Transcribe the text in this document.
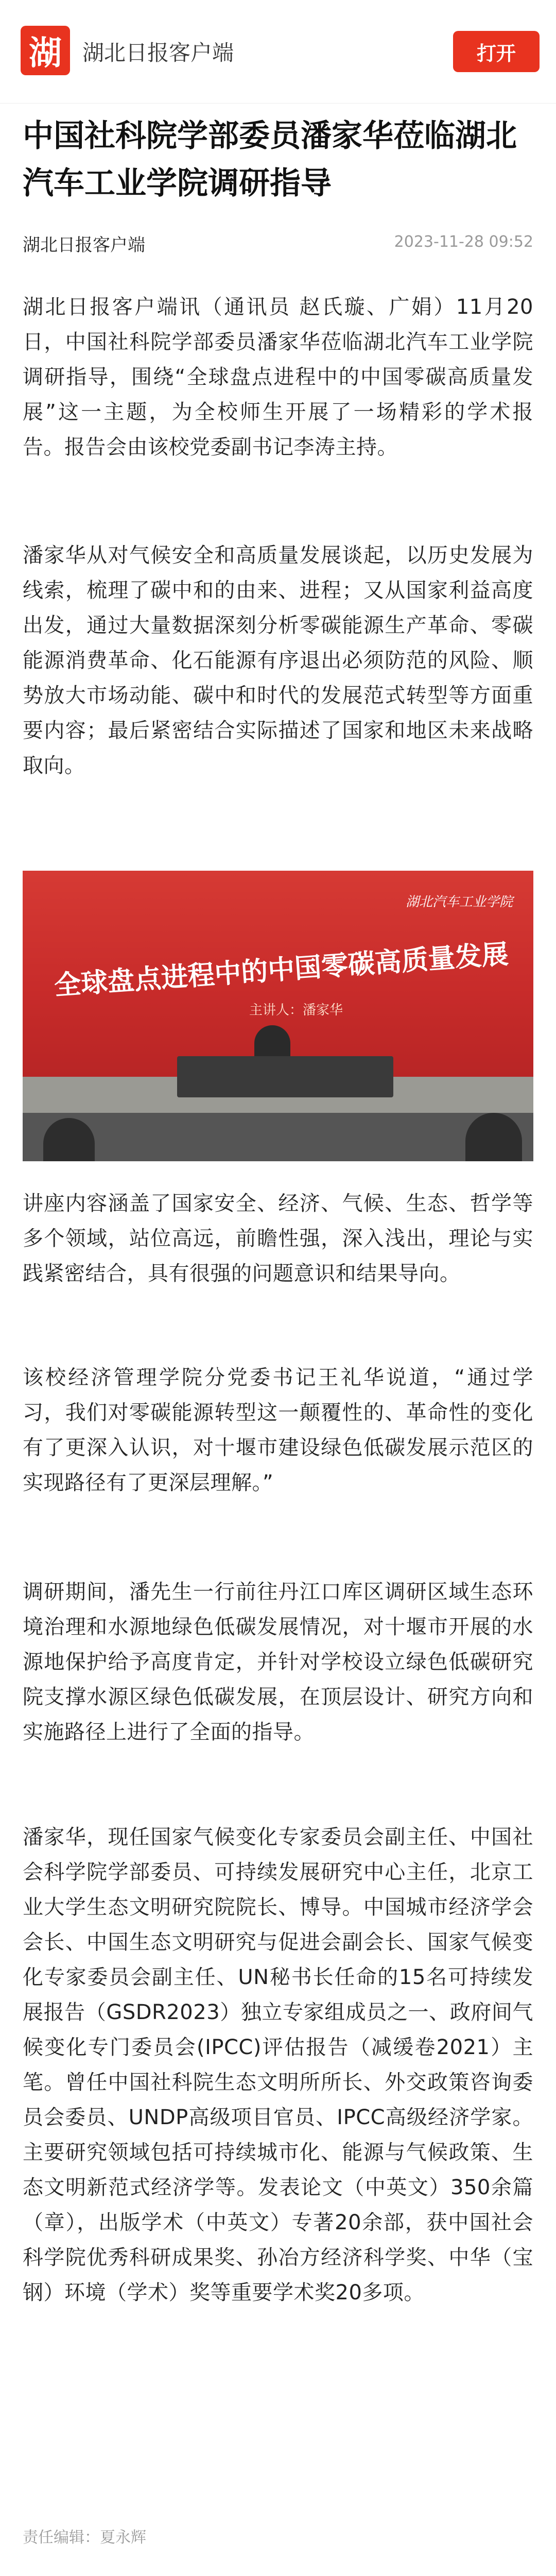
湖 湖北日报客户端	打开
中国社科院学部委员潘家华莅临湖北汽车工业学院调研指导
湖北日报客户端	2023-11-28 09:52

湖北日报客户端讯（通讯员 赵氏璇、广娟）11月20日，中国社科院学部委员潘家华莅临湖北汽车工业学院调研指导，围绕“全球盘点进程中的中国零碳高质量发展”这一主题，为全校师生开展了一场精彩的学术报告。报告会由该校党委副书记李涛主持。

潘家华从对气候安全和高质量发展谈起，以历史发展为线索，梳理了碳中和的由来、进程；又从国家利益高度出发，通过大量数据深刻分析零碳能源生产革命、零碳能源消费革命、化石能源有序退出必须防范的风险、顺势放大市场动能、碳中和时代的发展范式转型等方面重要内容；最后紧密结合实际描述了国家和地区未来战略取向。

全球盘点进程中的中国零碳高质量发展
主讲人：潘家华
湖北汽车工业学院

讲座内容涵盖了国家安全、经济、气候、生态、哲学等多个领域，站位高远，前瞻性强，深入浅出，理论与实践紧密结合，具有很强的问题意识和结果导向。

该校经济管理学院分党委书记王礼华说道，“通过学习，我们对零碳能源转型这一颠覆性的、革命性的变化有了更深入认识，对十堰市建设绿色低碳发展示范区的实现路径有了更深层理解。”

调研期间，潘先生一行前往丹江口库区调研区域生态环境治理和水源地绿色低碳发展情况，对十堰市开展的水源地保护给予高度肯定，并针对学校设立绿色低碳研究院支撑水源区绿色低碳发展，在顶层设计、研究方向和实施路径上进行了全面的指导。

潘家华，现任国家气候变化专家委员会副主任、中国社会科学院学部委员、可持续发展研究中心主任，北京工业大学生态文明研究院院长、博导。中国城市经济学会会长、中国生态文明研究与促进会副会长、国家气候变化专家委员会副主任、UN秘书长任命的15名可持续发展报告（GSDR2023）独立专家组成员之一、政府间气候变化专门委员会(IPCC)评估报告（减缓卷2021）主笔。曾任中国社科院生态文明所所长、外交政策咨询委员会委员、UNDP高级项目官员、IPCC高级经济学家。主要研究领域包括可持续城市化、能源与气候政策、生态文明新范式经济学等。发表论文（中英文）350余篇（章），出版学术（中英文）专著20余部，获中国社会科学院优秀科研成果奖、孙冶方经济科学奖、中华（宝钢）环境（学术）奖等重要学术奖20多项。

责任编辑：夏永辉
